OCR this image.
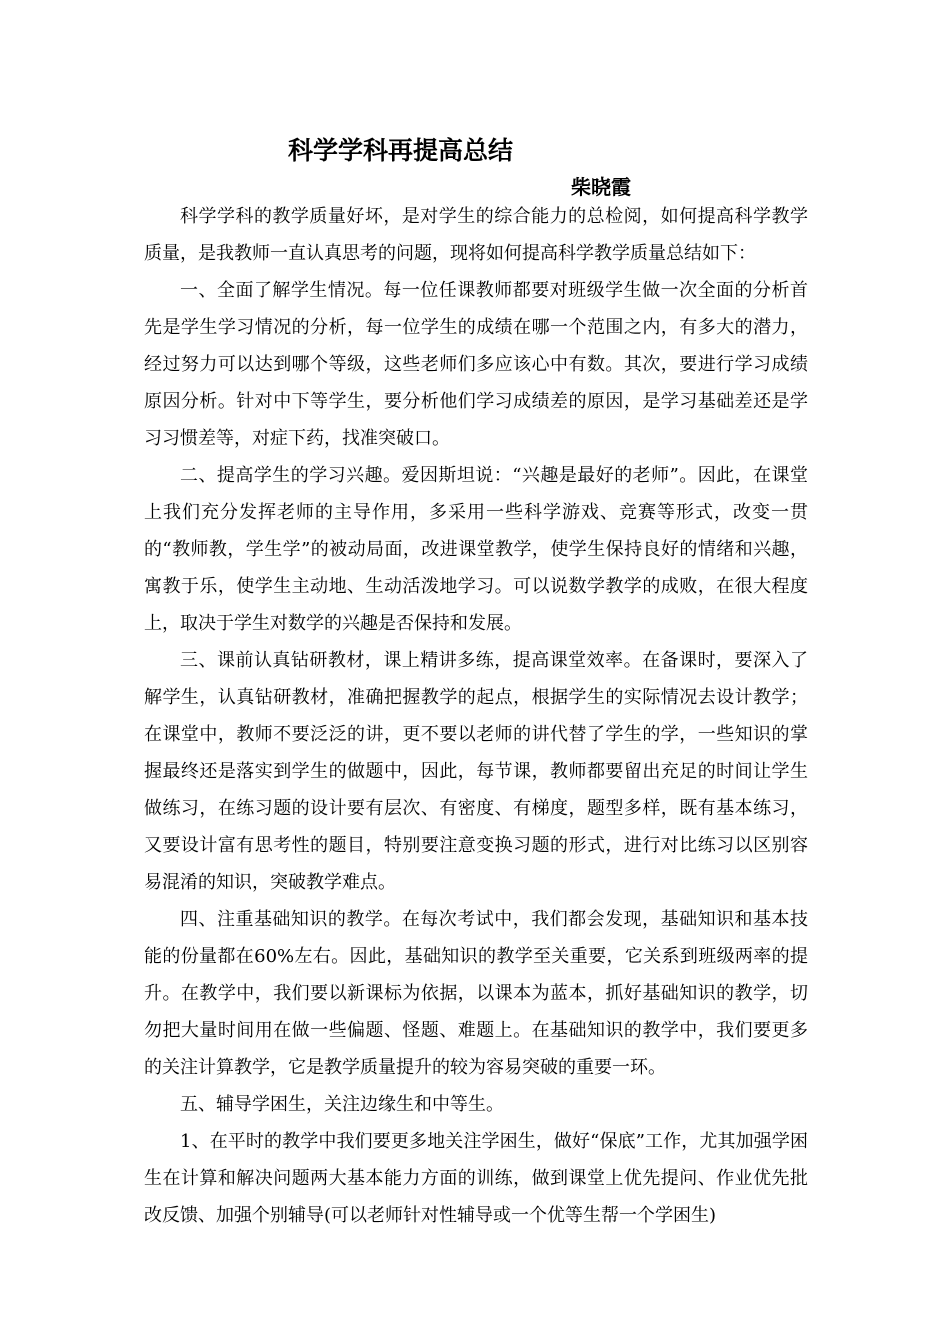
科学学科再提高总结
柴晓霞

科学学科的教学质量好坏，是对学生的综合能力的总检阅，如何提高科学教学质量，是我教师一直认真思考的问题，现将如何提高科学教学质量总结如下：

一、全面了解学生情况。每一位任课教师都要对班级学生做一次全面的分析首先是学生学习情况的分析，每一位学生的成绩在哪一个范围之内，有多大的潜力，经过努力可以达到哪个等级，这些老师们多应该心中有数。其次，要进行学习成绩原因分析。针对中下等学生，要分析他们学习成绩差的原因，是学习基础差还是学习习惯差等，对症下药，找准突破口。

二、提高学生的学习兴趣。爱因斯坦说：“兴趣是最好的老师”。因此，在课堂上我们充分发挥老师的主导作用，多采用一些科学游戏、竞赛等形式，改变一贯的“教师教，学生学”的被动局面，改进课堂教学，使学生保持良好的情绪和兴趣，寓教于乐，使学生主动地、生动活泼地学习。可以说数学教学的成败，在很大程度上，取决于学生对数学的兴趣是否保持和发展。

三、课前认真钻研教材，课上精讲多练，提高课堂效率。在备课时，要深入了解学生，认真钻研教材，准确把握教学的起点，根据学生的实际情况去设计教学；在课堂中，教师不要泛泛的讲，更不要以老师的讲代替了学生的学，一些知识的掌握最终还是落实到学生的做题中，因此，每节课，教师都要留出充足的时间让学生做练习，在练习题的设计要有层次、有密度、有梯度，题型多样，既有基本练习，又要设计富有思考性的题目，特别要注意变换习题的形式，进行对比练习以区别容易混淆的知识，突破教学难点。

四、注重基础知识的教学。在每次考试中，我们都会发现，基础知识和基本技能的份量都在60%左右。因此，基础知识的教学至关重要，它关系到班级两率的提升。在教学中，我们要以新课标为依据，以课本为蓝本，抓好基础知识的教学，切勿把大量时间用在做一些偏题、怪题、难题上。在基础知识的教学中，我们要更多的关注计算教学，它是教学质量提升的较为容易突破的重要一环。

五、辅导学困生，关注边缘生和中等生。

1、在平时的教学中我们要更多地关注学困生，做好“保底”工作，尤其加强学困生在计算和解决问题两大基本能力方面的训练，做到课堂上优先提问、作业优先批改反馈、加强个别辅导(可以老师针对性辅导或一个优等生帮一个学困生)
